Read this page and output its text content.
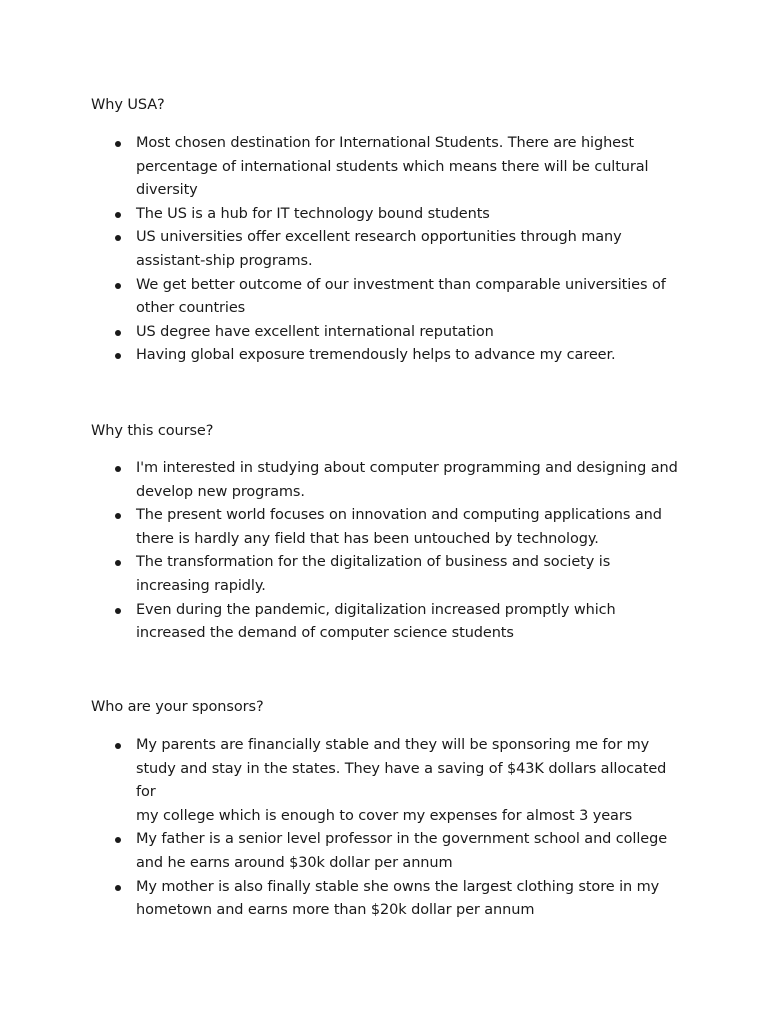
Why USA?
Most chosen destination for International Students. There are highest
percentage of international students which means there will be cultural
diversity
The US is a hub for IT technology bound students
US universities offer excellent research opportunities through many
assistant-ship programs.
We get better outcome of our investment than comparable universities of
other countries
US degree have excellent international reputation
Having global exposure tremendously helps to advance my career.
Why this course?
I'm interested in studying about computer programming and designing and
develop new programs.
The present world focuses on innovation and computing applications and
there is hardly any field that has been untouched by technology.
The transformation for the digitalization of business and society is
increasing rapidly.
Even during the pandemic, digitalization increased promptly which
increased the demand of computer science students
Who are your sponsors?
My parents are financially stable and they will be sponsoring me for my
study and stay in the states. They have a saving of $43K dollars allocated for
my college which is enough to cover my expenses for almost 3 years
My father is a senior level professor in the government school and college
and he earns around $30k dollar per annum
My mother is also finally stable she owns the largest clothing store in my
hometown and earns more than $20k dollar per annum
